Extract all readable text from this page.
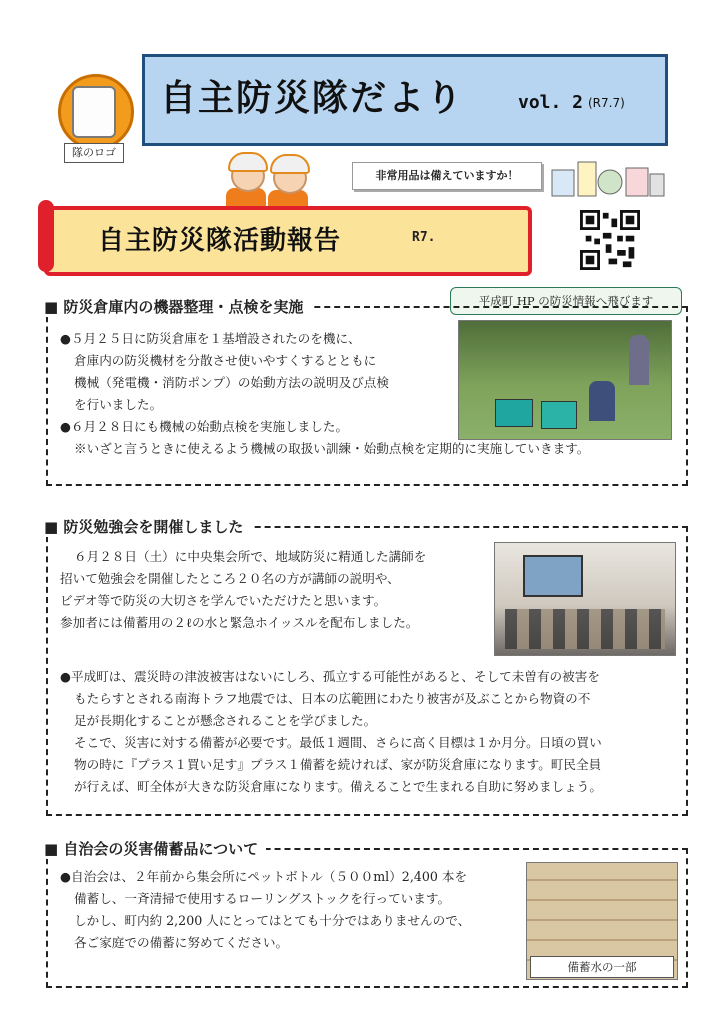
隊のロゴ
自主防災隊だより	vol. 2 (R7.7)
非常用品は備えていますか！
自主防災隊活動報告	R7.
平成町 HP の防災情報へ飛びます
■ 防災倉庫内の機器整理・点検を実施

●５月２５日に防災倉庫を１基増設されたのを機に、

倉庫内の防災機材を分散させ使いやすくするとともに

機械（発電機・消防ポンプ）の始動方法の説明及び点検

を行いました。

●６月２８日にも機械の始動点検を実施しました。

※いざと言うときに使えるよう機械の取扱い訓練・始動点検を定期的に実施していきます。

■ 防災勉強会を開催しました

６月２８日（土）に中央集会所で、地域防災に精通した講師を

招いて勉強会を開催したところ２０名の方が講師の説明や、

ビデオ等で防災の大切さを学んでいただけたと思います。

参加者には備蓄用の２ℓの水と緊急ホイッスルを配布しました。

●平成町は、震災時の津波被害はないにしろ、孤立する可能性があると、そして未曽有の被害を

もたらすとされる南海トラフ地震では、日本の広範囲にわたり被害が及ぶことから物資の不

足が長期化することが懸念されることを学びました。

そこで、災害に対する備蓄が必要です。最低１週間、さらに高く目標は１か月分。日頃の買い

物の時に『プラス１買い足す』プラス１備蓄を続ければ、家が防災倉庫になります。町民全員

が行えば、町全体が大きな防災倉庫になります。備えることで生まれる自助に努めましょう。

■ 自治会の災害備蓄品について
備蓄水の一部

●自治会は、２年前から集会所にペットボトル（５００ml）2,400 本を

備蓄し、一斉清掃で使用するローリングストックを行っています。

しかし、町内約 2,200 人にとってはとても十分ではありませんので、

各ご家庭での備蓄に努めてください。
